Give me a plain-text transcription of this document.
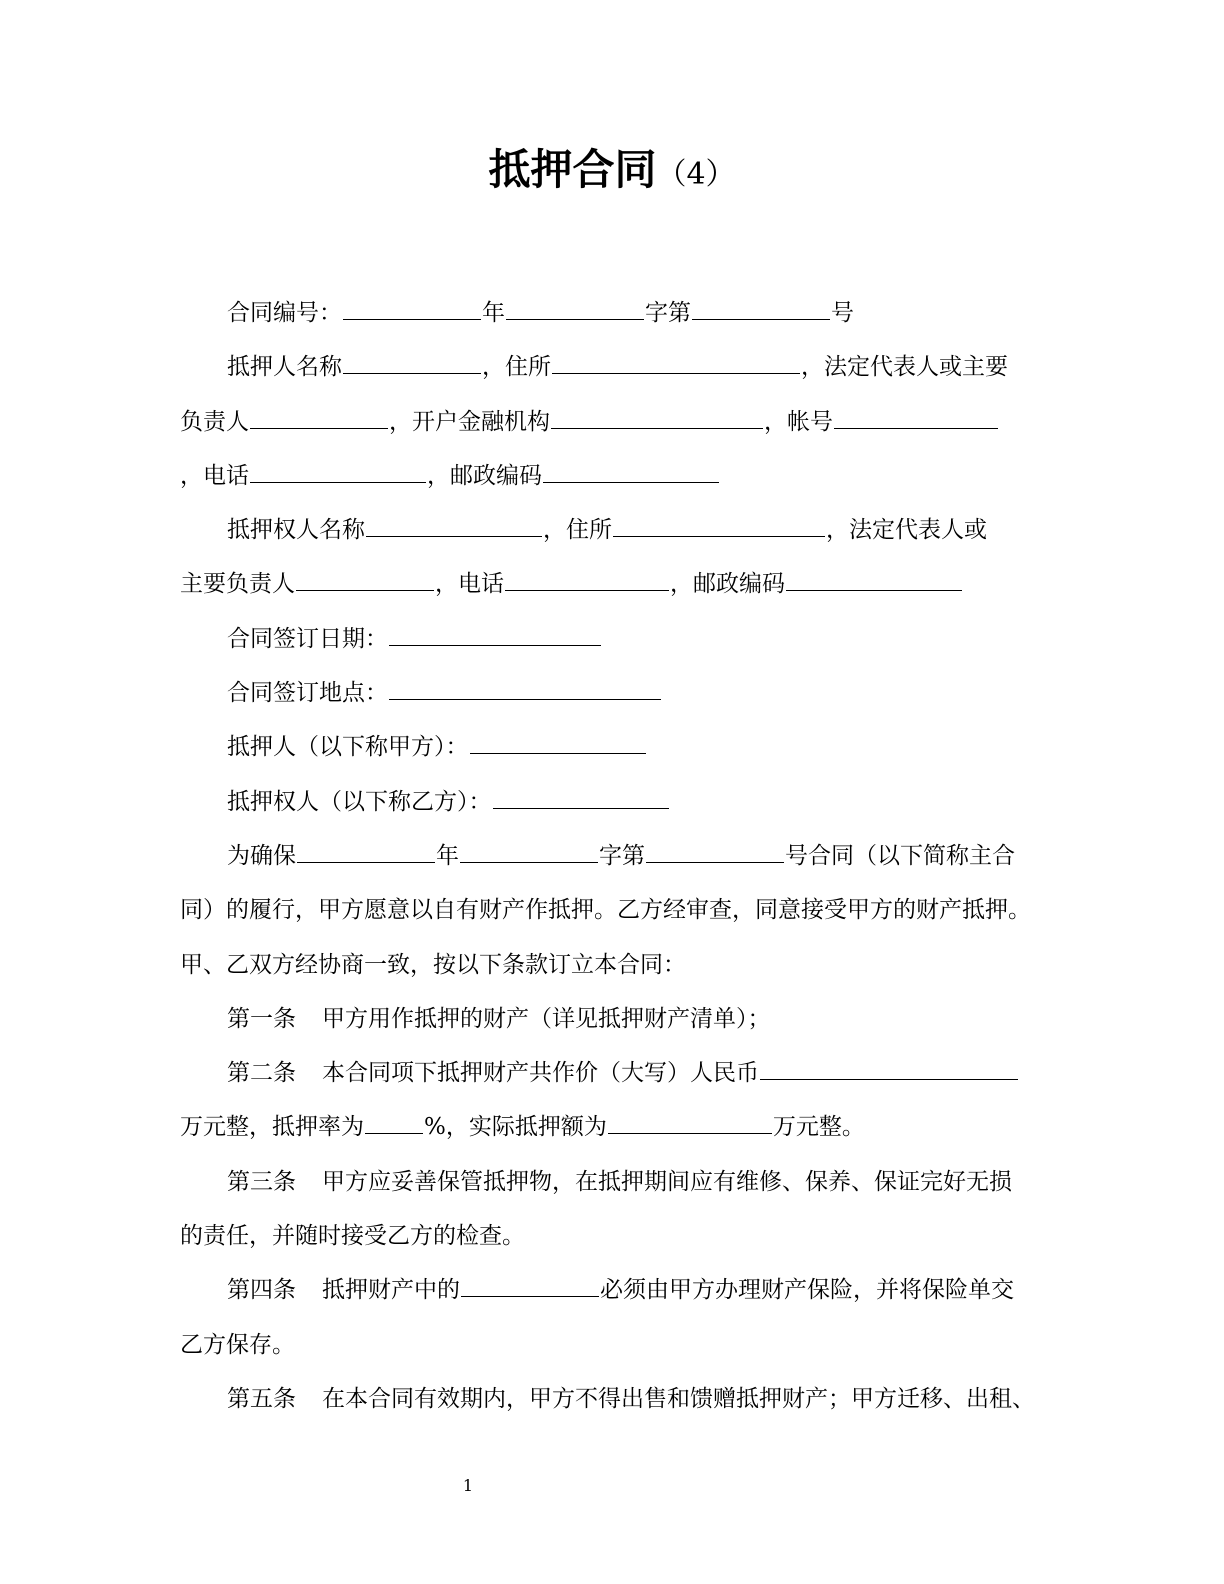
抵押合同（4）
合同编号：	年	字第	号
抵押人名称	，住所	，法定代表人或主要
负责人	，开户金融机构	，帐号
，电话	，邮政编码
抵押权人名称	，住所	，法定代表人或
主要负责人	，电话	，邮政编码
合同签订日期：
合同签订地点：
抵押人（以下称甲方）：
抵押权人（以下称乙方）：
为确保	年	字第	号合同（以下简称主合
同）的履行，甲方愿意以自有财产作抵押。乙方经审查，同意接受甲方的财产抵押。
甲、乙双方经协商一致，按以下条款订立本合同：
第一条 甲方用作抵押的财产（详见抵押财产清单）；
第二条 本合同项下抵押财产共作价（大写）人民币
万元整，抵押率为	%，实际抵押额为	万元整。
第三条 甲方应妥善保管抵押物，在抵押期间应有维修、保养、保证完好无损
的责任，并随时接受乙方的检查。
第四条 抵押财产中的	必须由甲方办理财产保险，并将保险单交
乙方保存。
第五条 在本合同有效期内，甲方不得出售和馈赠抵押财产；甲方迁移、出租、
1
